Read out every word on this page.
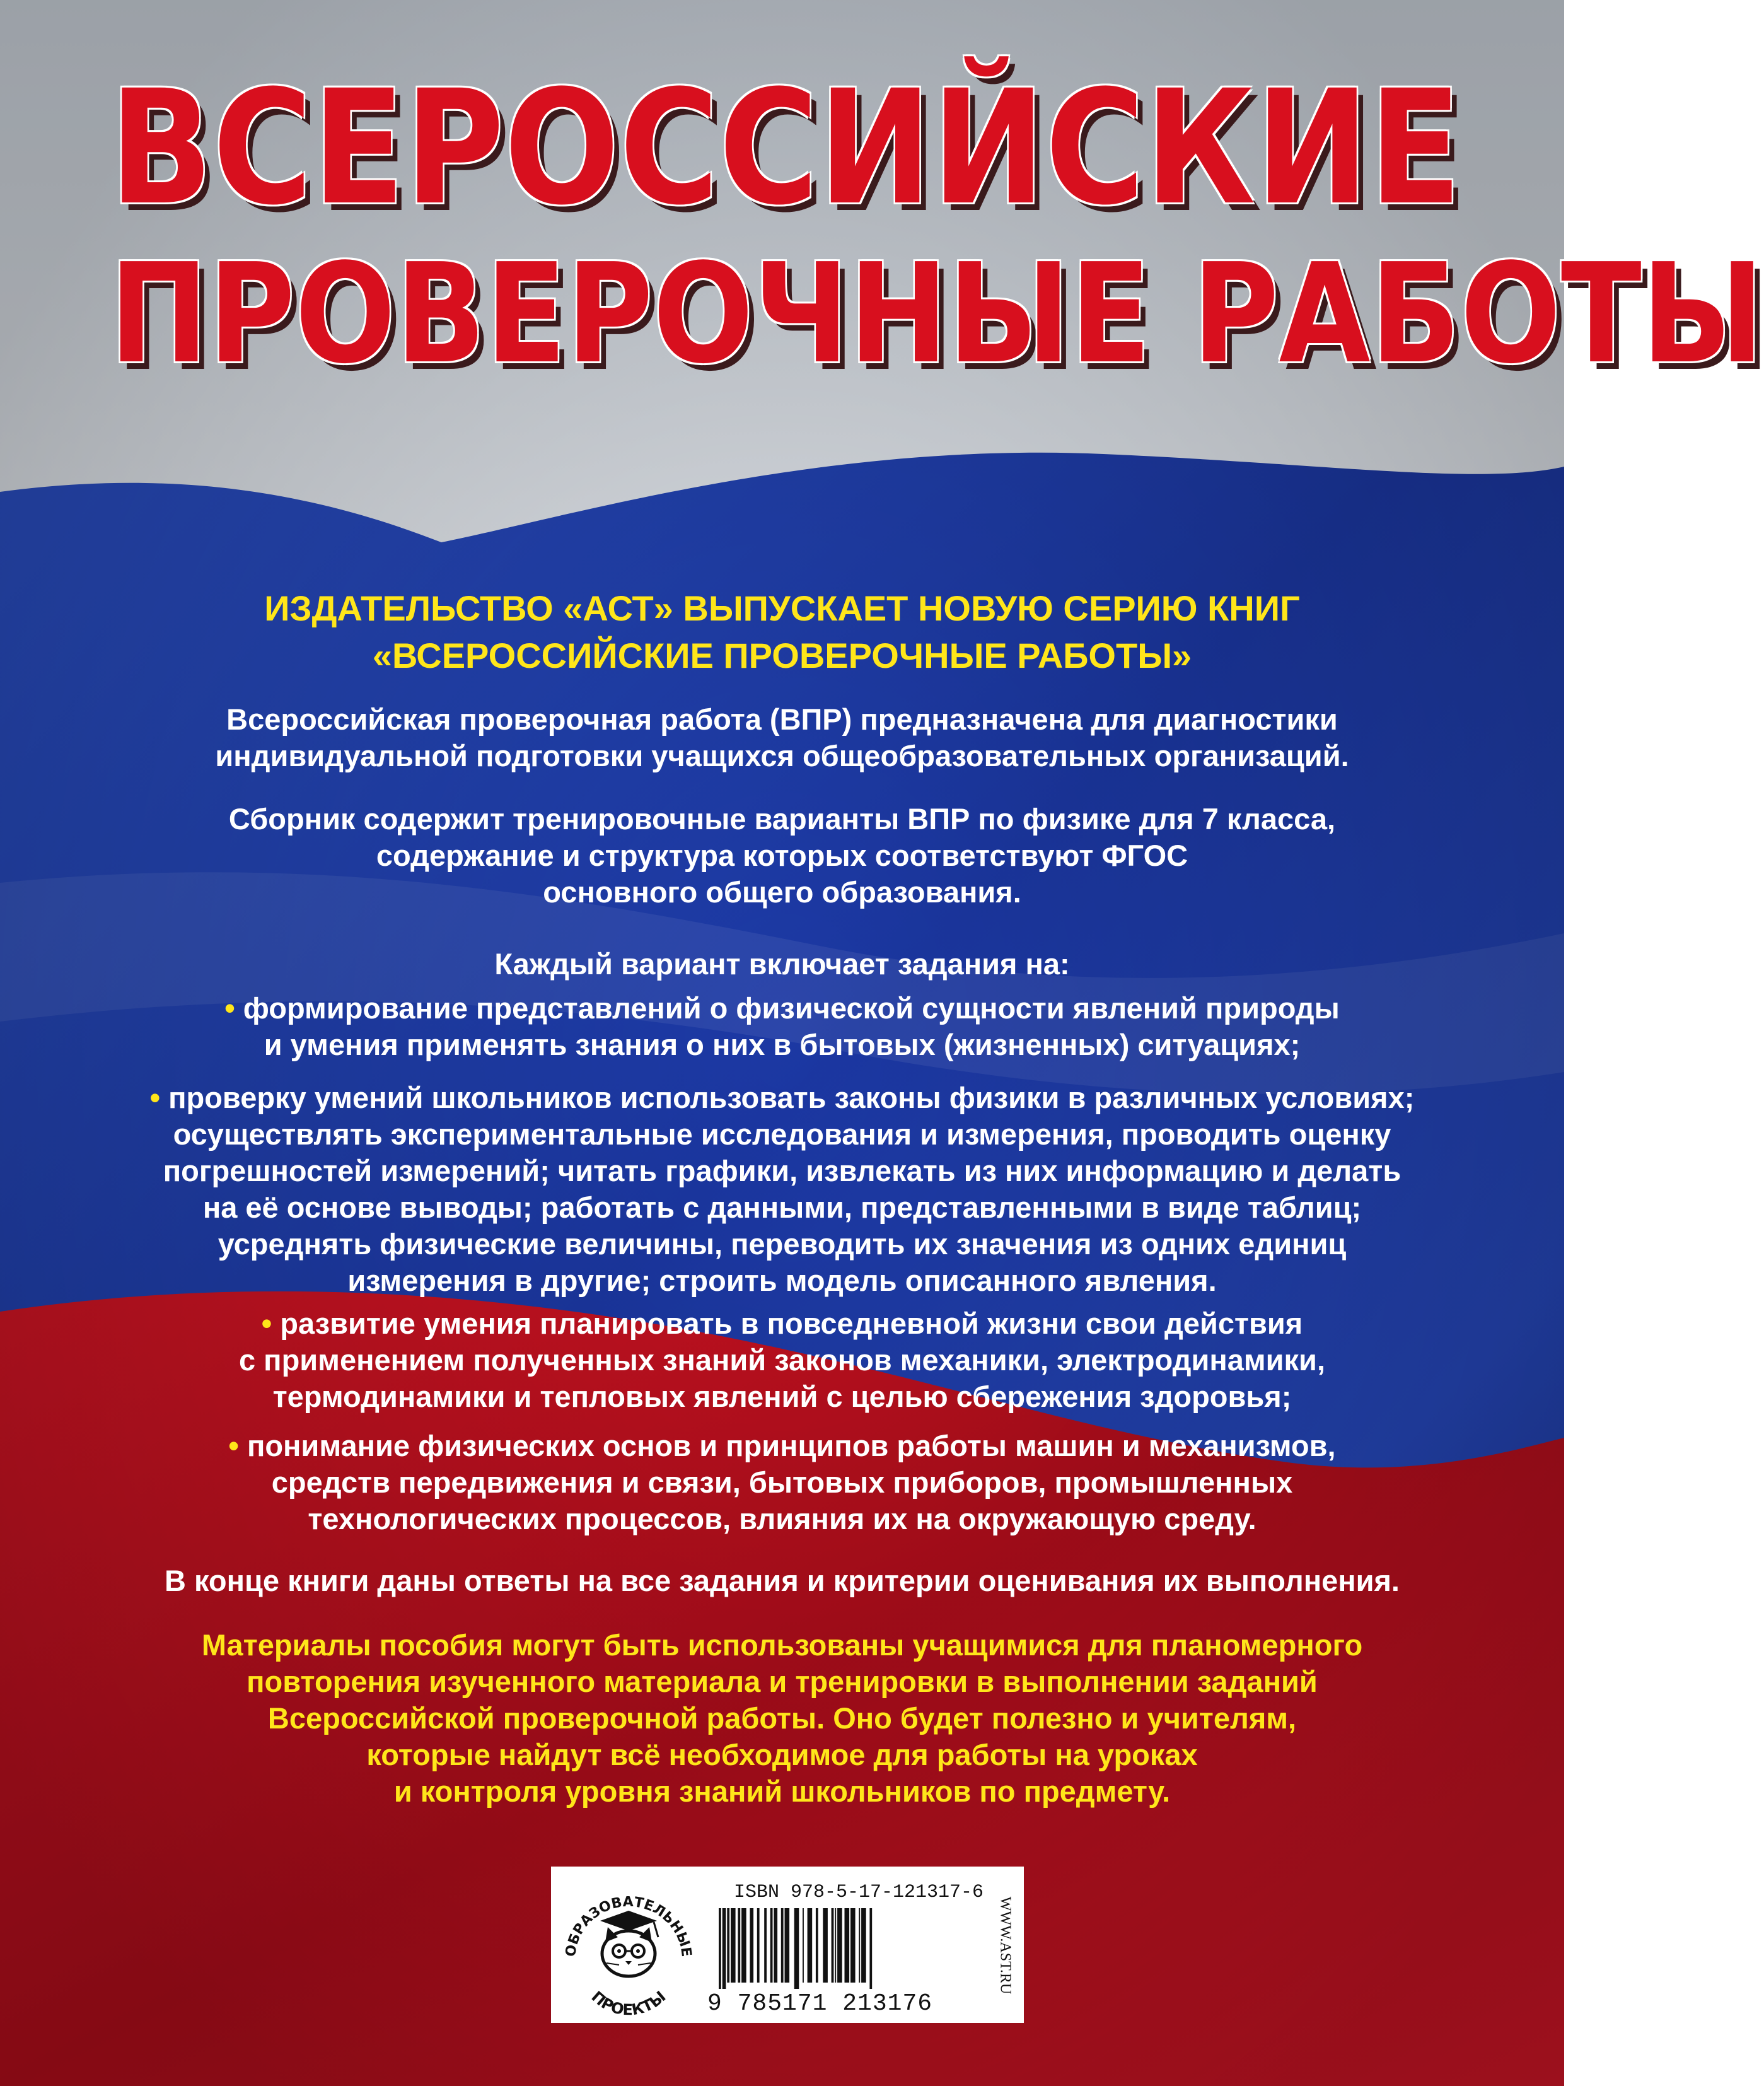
ВСЕРОССИЙСКИЕ
ПРОВЕРОЧНЫЕ РАБОТЫ

ИЗДАТЕЛЬСТВО «АСТ» ВЫПУСКАЕТ НОВУЮ СЕРИЮ КНИГ

«ВСЕРОССИЙСКИЕ ПРОВЕРОЧНЫЕ РАБОТЫ»

Всероссийская проверочная работа (ВПР) предназначена для диагностики

индивидуальной подготовки учащихся общеобразовательных организаций.

Сборник содержит тренировочные варианты ВПР по физике для 7 класса,

содержание и структура которых соответствуют ФГОС

основного общего образования.

Каждый вариант включает задания на:

• формирование представлений о физической сущности явлений природы

и умения применять знания о них в бытовых (жизненных) ситуациях;

• проверку умений школьников использовать законы физики в различных условиях;

осуществлять экспериментальные исследования и измерения, проводить оценку

погрешностей измерений; читать графики, извлекать из них информацию и делать

на её основе выводы; работать с данными, представленными в виде таблиц;

усреднять физические величины, переводить их значения из одних единиц

измерения в другие; строить модель описанного явления.

• развитие умения планировать в повседневной жизни свои действия

с применением полученных знаний законов механики, электродинамики,

термодинамики и тепловых явлений с целью сбережения здоровья;

• понимание физических основ и принципов работы машин и механизмов,

средств передвижения и связи, бытовых приборов, промышленных

технологических процессов, влияния их на окружающую среду.

В конце книги даны ответы на все задания и критерии оценивания их выполнения.

Материалы пособия могут быть использованы учащимися для планомерного

повторения изученного материала и тренировки в выполнении заданий

Всероссийской проверочной работы. Оно будет полезно и учителям,

которые найдут всё необходимое для работы на уроках

и контроля уровня знаний школьников по предмету.

ОБРАЗОВАТЕЛЬНЫЕ
ПРОЕКТЫ
ISBN 978-5-17-121317-6
9 785171 213176
WWW.AST.RU
